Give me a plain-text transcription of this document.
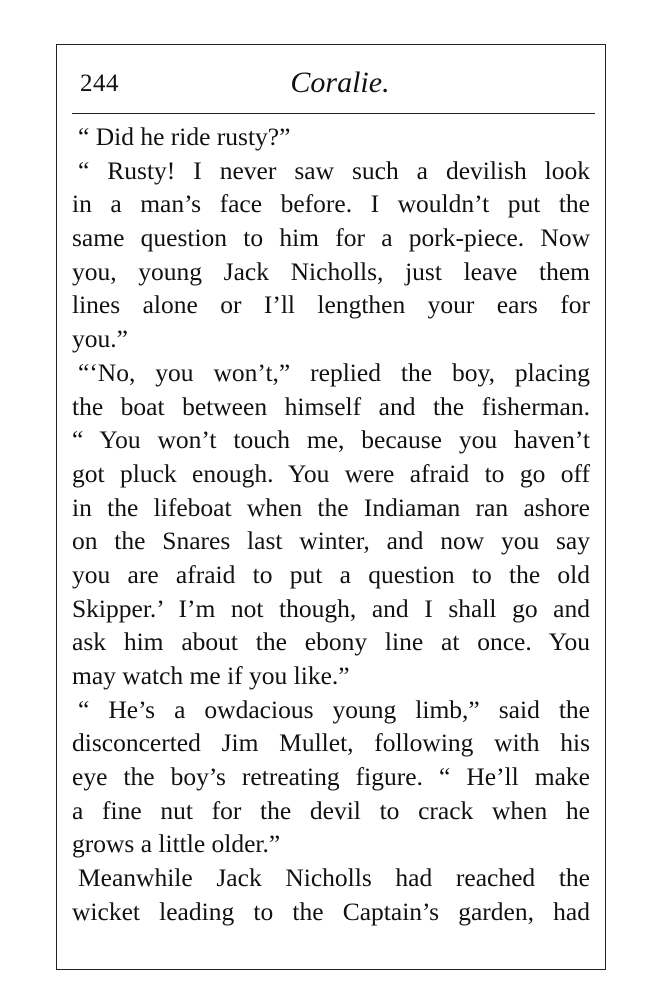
244	Coralie.
“ Did he ride rusty?”
“ Rusty! I never saw such a devilish look
in a man’s face before. I wouldn’t put the
same question to him for a pork-piece. Now
you, young Jack Nicholls, just leave them
lines alone or I’ll lengthen your ears for
you.”
“‘No, you won’t,” replied the boy, placing
the boat between himself and the fisherman.
“ You won’t touch me, because you haven’t
got pluck enough. You were afraid to go off
in the lifeboat when the Indiaman ran ashore
on the Snares last winter, and now you say
you are afraid to put a question to the old
Skipper.’ I’m not though, and I shall go and
ask him about the ebony line at once. You
may watch me if you like.”
“ He’s a owdacious young limb,” said the
disconcerted Jim Mullet, following with his
eye the boy’s retreating figure. “ He’ll make
a fine nut for the devil to crack when he
grows a little older.”
Meanwhile Jack Nicholls had reached the
wicket leading to the Captain’s garden, had
